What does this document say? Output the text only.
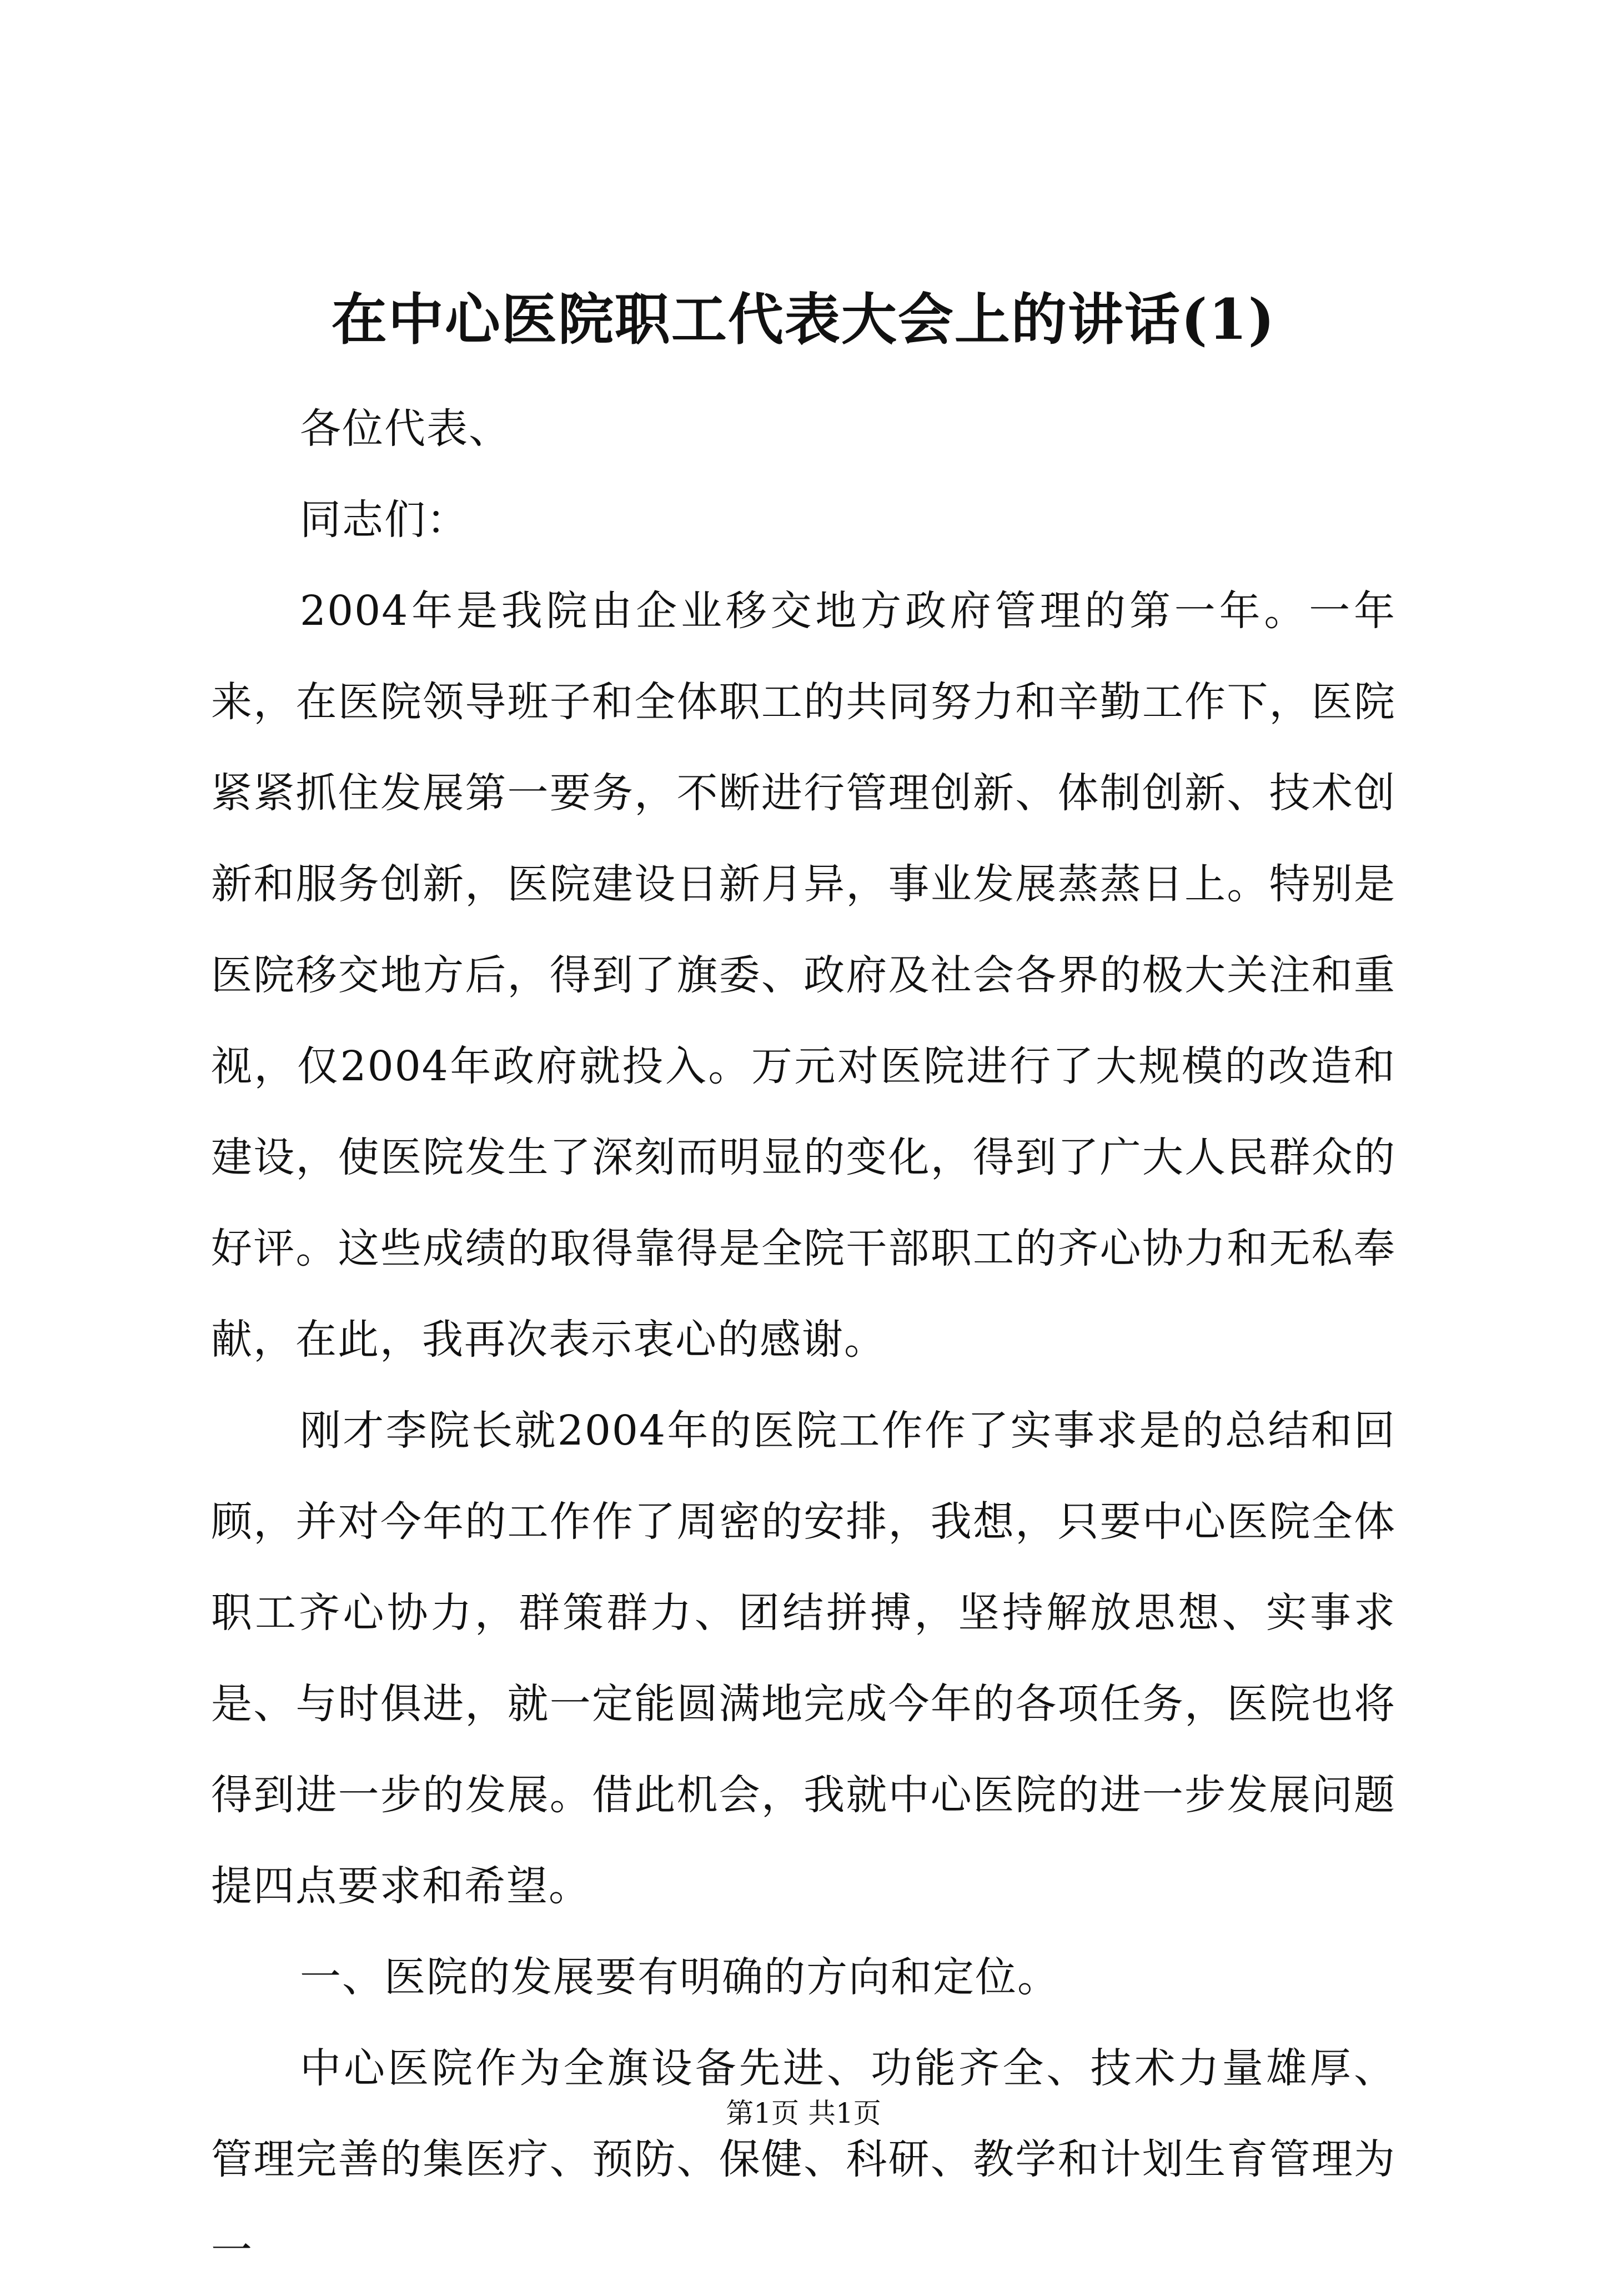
在中心医院职工代表大会上的讲话(1)

各位代表、

同志们：

2004年是我院由企业移交地方政府管理的第一年。一年来，在医院领导班子和全体职工的共同努力和辛勤工作下，医院紧紧抓住发展第一要务，不断进行管理创新、体制创新、技术创新和服务创新，医院建设日新月异，事业发展蒸蒸日上。特别是医院移交地方后，得到了旗委、政府及社会各界的极大关注和重视，仅2004年政府就投入。万元对医院进行了大规模的改造和建设，使医院发生了深刻而明显的变化，得到了广大人民群众的好评。这些成绩的取得靠得是全院干部职工的齐心协力和无私奉献，在此，我再次表示衷心的感谢。

刚才李院长就2004年的医院工作作了实事求是的总结和回顾，并对今年的工作作了周密的安排，我想，只要中心医院全体职工齐心协力，群策群力、团结拼搏，坚持解放思想、实事求是、与时俱进，就一定能圆满地完成今年的各项任务，医院也将得到进一步的发展。借此机会，我就中心医院的进一步发展问题提四点要求和希望。

一、医院的发展要有明确的方向和定位。

中心医院作为全旗设备先进、功能齐全、技术力量雄厚、管理完善的集医疗、预防、保健、科研、教学和计划生育管理为一

第1页 共1页
